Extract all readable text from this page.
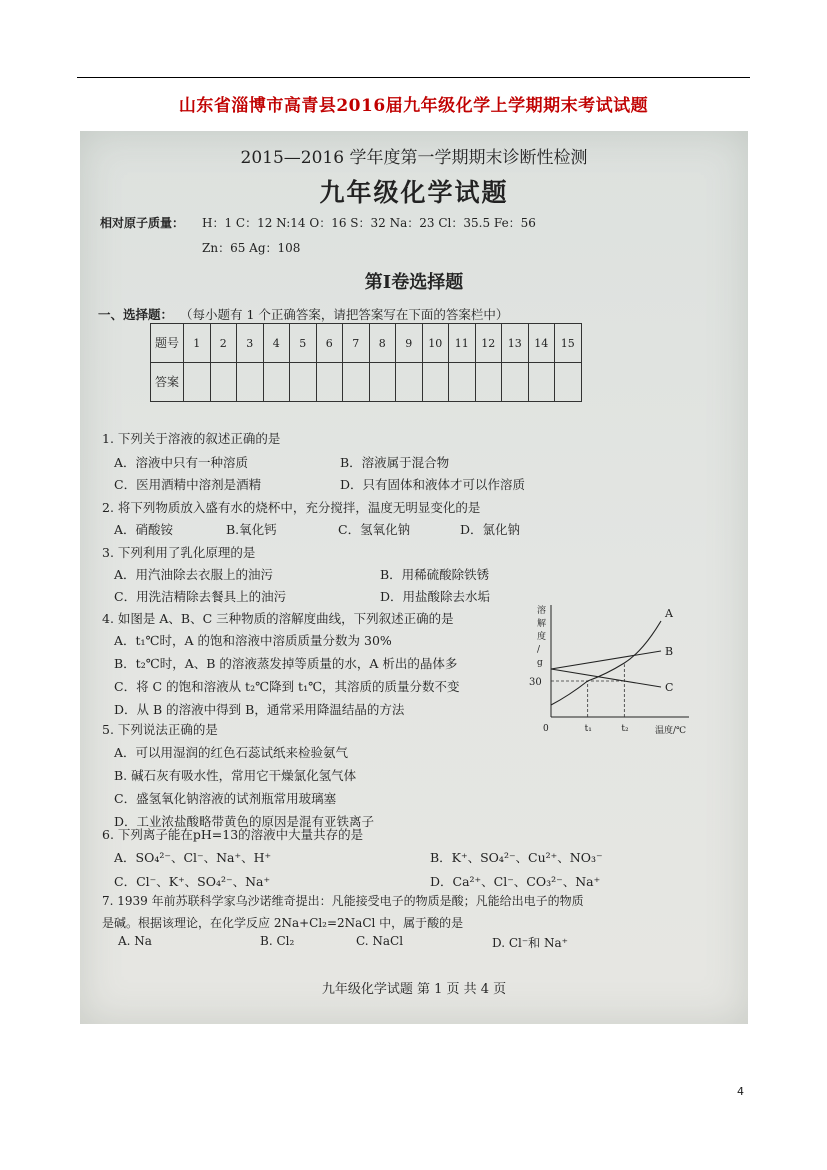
山东省淄博市高青县2016届九年级化学上学期期末考试试题
2015—2016 学年度第一学期期末诊断性检测
九年级化学试题
相对原子质量： H：1 C：12 N:14 O：16 S：32 Na：23 Cl：35.5 Fe：56
Zn：65 Ag：108
第Ⅰ卷选择题
一、选择题： （每小题有 1 个正确答案，请把答案写在下面的答案栏中）
题号	1	2	3	4	5	6	7	8	9	10	11	12	13	14	15
答案															
1. 下列关于溶液的叙述正确的是
A．溶液中只有一种溶质	B．溶液属于混合物
C．医用酒精中溶剂是酒精	D．只有固体和液体才可以作溶质
2. 将下列物质放入盛有水的烧杯中，充分搅拌，温度无明显变化的是
A．硝酸铵	B.氧化钙	C．氢氧化钠	D．氯化钠
3. 下列利用了乳化原理的是
A．用汽油除去衣服上的油污	B．用稀硫酸除铁锈
C．用洗洁精除去餐具上的油污	D．用盐酸除去水垢
4. 如图是 A、B、C 三种物质的溶解度曲线，下列叙述正确的是
A．t₁℃时，A 的饱和溶液中溶质质量分数为 30%
B．t₂℃时，A、B 的溶液蒸发掉等质量的水，A 析出的晶体多
C．将 C 的饱和溶液从 t₂℃降到 t₁℃，其溶质的质量分数不变
D．从 B 的溶液中得到 B，通常采用降温结晶的方法
溶
解
度
/
g
温度/℃
0
30
t₁	t₂
A
B
C
5. 下列说法正确的是
A．可以用湿润的红色石蕊试纸来检验氨气
B. 碱石灰有吸水性，常用它干燥氯化氢气体
C．盛氢氧化钠溶液的试剂瓶常用玻璃塞
D．工业浓盐酸略带黄色的原因是混有亚铁离子
6. 下列离子能在pH=13的溶液中大量共存的是
A．SO₄²⁻、Cl⁻、Na⁺、H⁺	B．K⁺、SO₄²⁻、Cu²⁺、NO₃⁻
C．Cl⁻、K⁺、SO₄²⁻、Na⁺	D．Ca²⁺、Cl⁻、CO₃²⁻、Na⁺
7. 1939 年前苏联科学家乌沙诺维奇提出：凡能接受电子的物质是酸；凡能给出电子的物质
是碱。根据该理论，在化学反应 2Na+Cl₂=2NaCl 中，属于酸的是
A. Na	B. Cl₂	C. NaCl	D. Cl⁻和 Na⁺
九年级化学试题 第 1 页 共 4 页
4
